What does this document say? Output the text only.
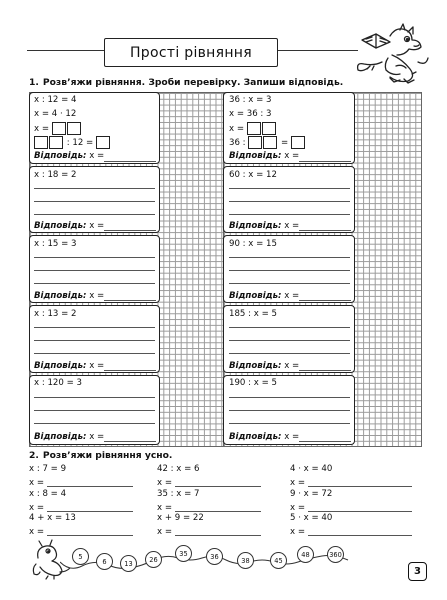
Прості рівняння
1. Розв’яжи рівняння. Зроби перевірку. Запиши відповідь.
x : 12 = 4
x = 4 · 12
x =
: 12 =
Відповідь: x =
x : 18 = 2
Відповідь: x =
x : 15 = 3
Відповідь: x =
x : 13 = 2
Відповідь: x =
x : 120 = 3
Відповідь: x =
36 : x = 3
x = 36 : 3
x =
36 :	=
Відповідь: x =
60 : x = 12
Відповідь: x =
90 : x = 15
Відповідь: x =
185 : x = 5
Відповідь: x =
190 : x = 5
Відповідь: x =
2. Розв’яжи рівняння усно.
x : 7 = 9
x =
x : 8 = 4
x =
4 + x = 13
x =
42 : x = 6
x =
35 : x = 7
x =
x + 9 = 22
x =
4 · x = 40
x =
9 · x = 72
x =
5 · x = 40
x =
5
6	13	26
35	36	38	45
48	360
3
